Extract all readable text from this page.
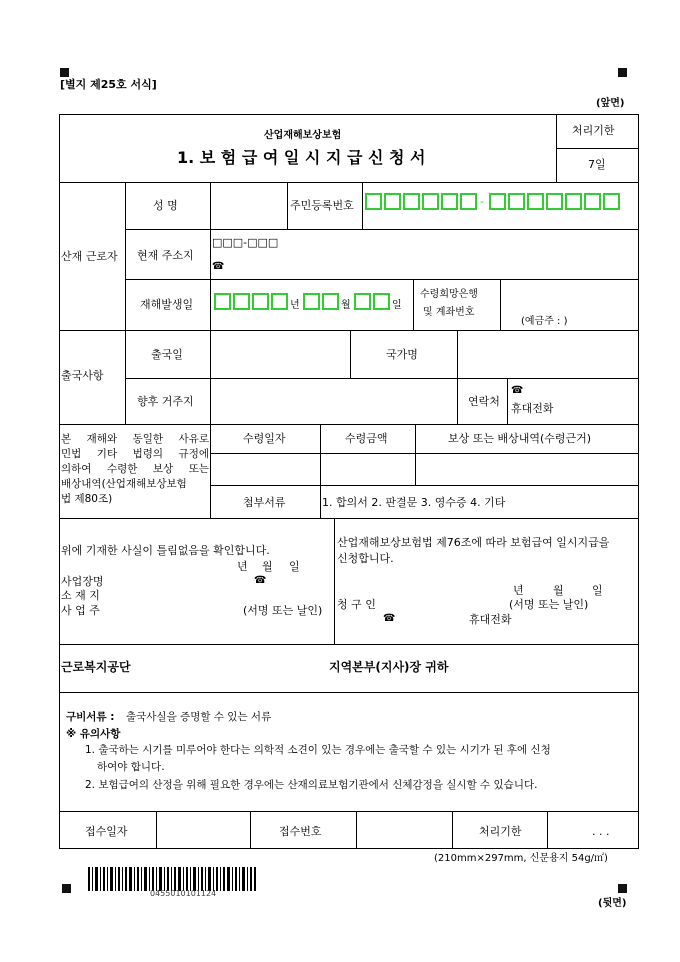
[별지 제25호 서식]
(앞면)
산업재해보상보험
1. 보 험 급 여 일 시 지 급 신 청 서
처리기한
7일
산재 근로자
성 명	주민등록번호	-
현재 주소지
□□□-□□□
☎
재해발생일	년	월	일
수령희망은행
및 계좌번호
(예금주 : )
출국사항
출국일	국가명
향후 거주지	연락처
☎
휴대전화
본 재해와 동일한 사유로
민법 기타 법령의 규정에
의하여 수령한 보상 또는
배상내역(산업재해보상보험
법 제80조)
수령일자	수령금액	보상 또는 배상내역(수령근거)
첨부서류	1. 합의서 2. 판결문 3. 영수증 4. 기타
위에 기재한 사실이 틀림없음을 확인합니다.
년 월 일
사업장명	☎
소 재 지
사 업 주	(서명 또는 날인)
산업재해보상보험법 제76조에 따라 보험급여 일시지급을
신청합니다.
년	월	일
청 구 인	(서명 또는 날인)
☎	휴대전화
근로복지공단	지역본부(지사)장 귀하
구비서류 : 출국사실을 증명할 수 있는 서류
※ 유의사항
1. 출국하는 시기를 미루어야 한다는 의학적 소견이 있는 경우에는 출국할 수 있는 시기가 된 후에 신청
하여야 합니다.
2. 보험급여의 산정을 위해 필요한 경우에는 산재의료보험기관에서 신체감정을 실시할 수 있습니다.
접수일자	접수번호	처리기한	. . .
(210mm×297mm, 신문용지 54g/㎡)
0455010101124
(뒷면)
